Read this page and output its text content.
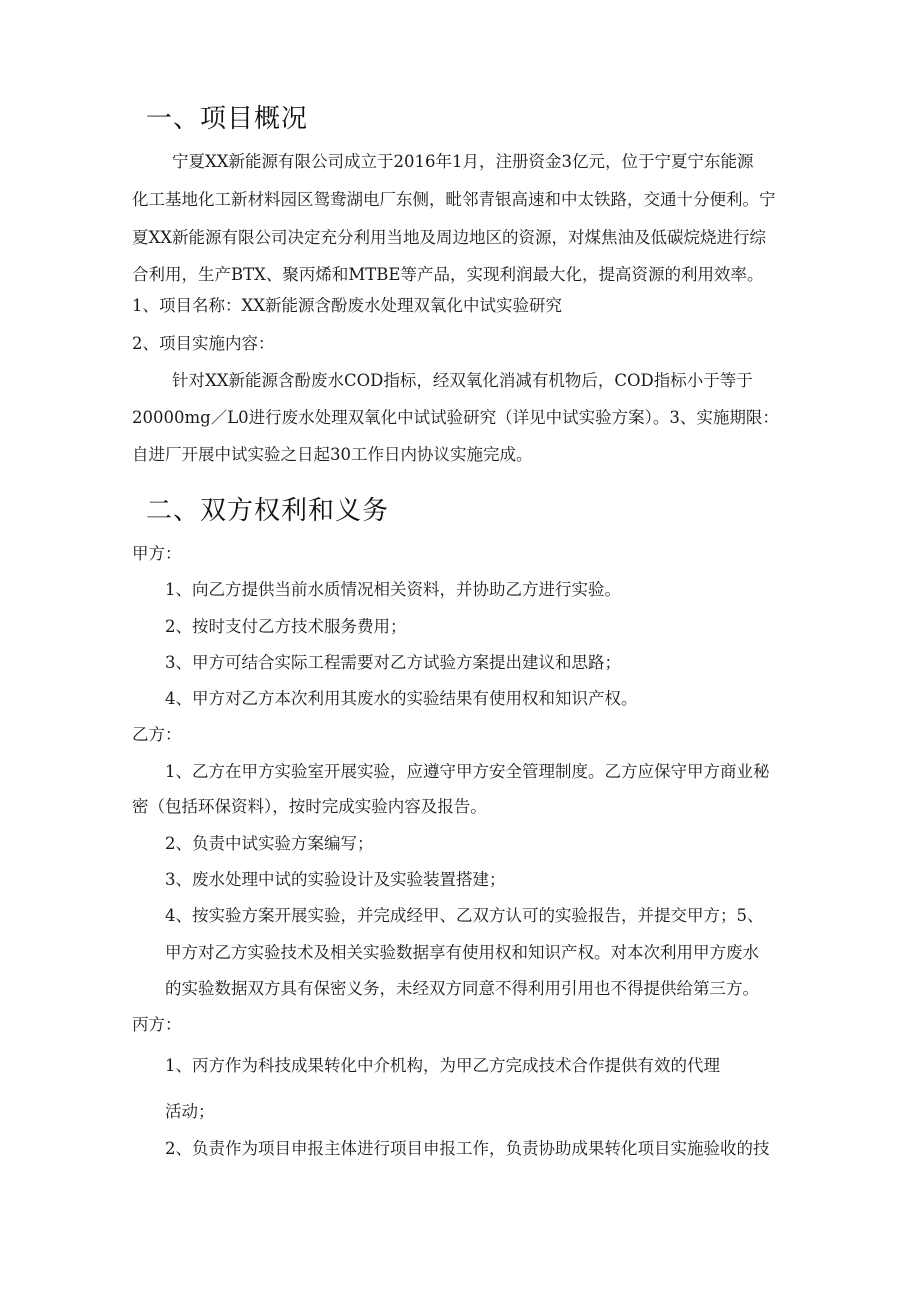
一、项目概况
宁夏XX新能源有限公司成立于2016年1月，注册资金3亿元，位于宁夏宁东能源
化工基地化工新材料园区鸳鸯湖电厂东侧，毗邻青银高速和中太铁路，交通十分便利。宁
夏XX新能源有限公司决定充分利用当地及周边地区的资源，对煤焦油及低碳烷烧进行综
合利用，生产BTX、聚丙烯和MTBE等产品，实现利润最大化，提高资源的利用效率。
1、项目名称：XX新能源含酚废水处理双氧化中试实验研究
2、项目实施内容：
针对XX新能源含酚废水COD指标，经双氧化消减有机物后，COD指标小于等于
20000mg／L0进行废水处理双氧化中试试验研究（详见中试实验方案）。3、实施期限：
自进厂开展中试实验之日起30工作日内协议实施完成。
二、双方权利和义务
甲方：
1、向乙方提供当前水质情况相关资料，并协助乙方进行实验。
2、按时支付乙方技术服务费用；
3、甲方可结合实际工程需要对乙方试验方案提出建议和思路；
4、甲方对乙方本次利用其废水的实验结果有使用权和知识产权。
乙方：
1、乙方在甲方实验室开展实验，应遵守甲方安全管理制度。乙方应保守甲方商业秘
密（包括环保资料），按时完成实验内容及报告。
2、负责中试实验方案编写；
3、废水处理中试的实验设计及实验装置搭建；
4、按实验方案开展实验，并完成经甲、乙双方认可的实验报告，并提交甲方；5、
甲方对乙方实验技术及相关实验数据享有使用权和知识产权。对本次利用甲方废水
的实验数据双方具有保密义务，未经双方同意不得利用引用也不得提供给第三方。
丙方：
1、丙方作为科技成果转化中介机构，为甲乙方完成技术合作提供有效的代理
活动；
2、负责作为项目申报主体进行项目申报工作，负责协助成果转化项目实施验收的技
